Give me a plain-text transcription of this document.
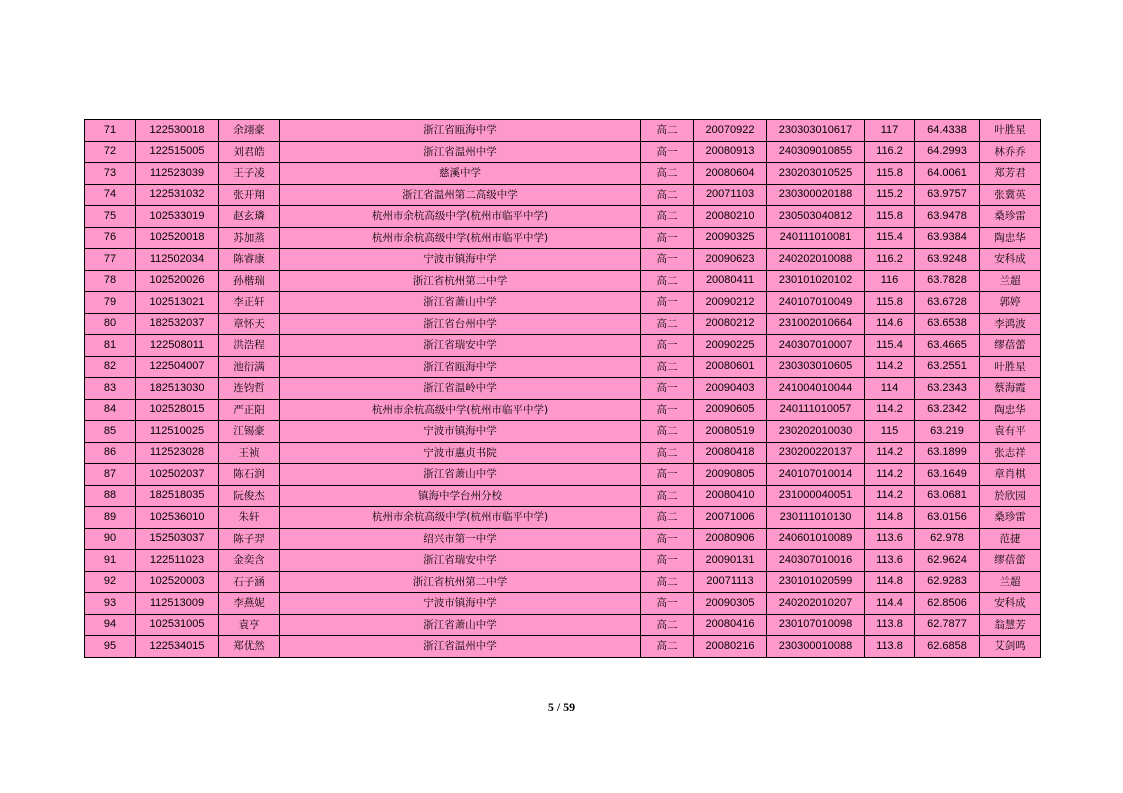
71	122530018	余翊豪	浙江省瓯海中学	高二	20070922	230303010617	117	64.4338	叶胜星
72	122515005	刘君皓	浙江省温州中学	高一	20080913	240309010855	116.2	64.2993	林乔乔
73	112523039	王子凌	慈溪中学	高二	20080604	230203010525	115.8	64.0061	郑芳君
74	122531032	张开翔	浙江省温州第二高级中学	高二	20071103	230300020188	115.2	63.9757	张冀英
75	102533019	赵玄璘	杭州市余杭高级中学(杭州市临平中学)	高二	20080210	230503040812	115.8	63.9478	桑珍雷
76	102520018	苏加蒸	杭州市余杭高级中学(杭州市临平中学)	高一	20090325	240111010081	115.4	63.9384	陶忠华
77	112502034	陈睿康	宁波市镇海中学	高一	20090623	240202010088	116.2	63.9248	安科成
78	102520026	孙楷瑞	浙江省杭州第二中学	高二	20080411	230101020102	116	63.7828	兰超
79	102513021	李正轩	浙江省萧山中学	高一	20090212	240107010049	115.8	63.6728	郭婷
80	182532037	章怀天	浙江省台州中学	高二	20080212	231002010664	114.6	63.6538	李鸿波
81	122508011	洪浩程	浙江省瑞安中学	高一	20090225	240307010007	115.4	63.4665	缪蓓蕾
82	122504007	池衍满	浙江省瓯海中学	高二	20080601	230303010605	114.2	63.2551	叶胜星
83	182513030	连钧哲	浙江省温岭中学	高一	20090403	241004010044	114	63.2343	蔡海霞
84	102528015	严正阳	杭州市余杭高级中学(杭州市临平中学)	高一	20090605	240111010057	114.2	63.2342	陶忠华
85	112510025	江锡豪	宁波市镇海中学	高二	20080519	230202010030	115	63.219	袁有平
86	112523028	王祯	宁波市惠贞书院	高二	20080418	230200220137	114.2	63.1899	张志祥
87	102502037	陈石润	浙江省萧山中学	高一	20090805	240107010014	114.2	63.1649	章肖棋
88	182518035	阮俊杰	镇海中学台州分校	高二	20080410	231000040051	114.2	63.0681	於欣园
89	102536010	朱轩	杭州市余杭高级中学(杭州市临平中学)	高二	20071006	230111010130	114.8	63.0156	桑珍雷
90	152503037	陈子羿	绍兴市第一中学	高一	20080906	240601010089	113.6	62.978	范捷
91	122511023	金奕含	浙江省瑞安中学	高一	20090131	240307010016	113.6	62.9624	缪蓓蕾
92	102520003	石子涵	浙江省杭州第二中学	高二	20071113	230101020599	114.8	62.9283	兰超
93	112513009	李燕妮	宁波市镇海中学	高一	20090305	240202010207	114.4	62.8506	安科成
94	102531005	袁亨	浙江省萧山中学	高二	20080416	230107010098	113.8	62.7877	翁慧芳
95	122534015	郑优然	浙江省温州中学	高二	20080216	230300010088	113.8	62.6858	艾剑鸣
5 / 59
